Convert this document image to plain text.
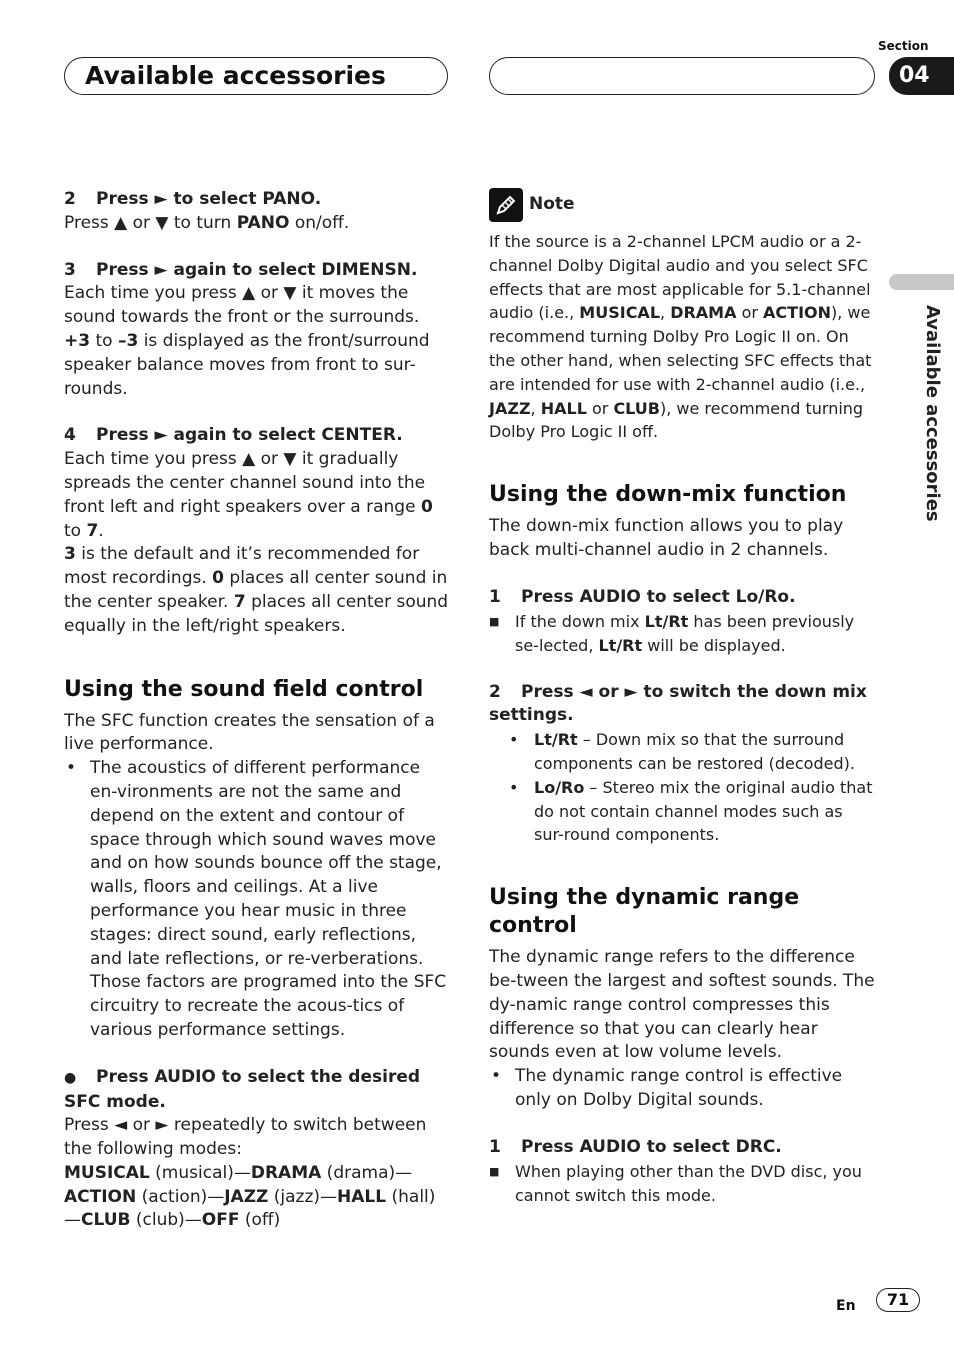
Available accessories
Section
04
Available accessories

2 Press ► to select PANO.

Press ▲ or ▼ to turn PANO on/off.

3 Press ► again to select DIMENSN.

Each time you press ▲ or ▼ it moves the sound towards the front or the surrounds.

+3 to –3 is displayed as the front/surround speaker balance moves from front to sur-rounds.

4 Press ► again to select CENTER.

Each time you press ▲ or ▼ it gradually spreads the center channel sound into the front left and right speakers over a range 0 to 7.

3 is the default and it’s recommended for most recordings. 0 places all center sound in the center speaker. 7 places all center sound equally in the left/right speakers.

Using the sound field control

The SFC function creates the sensation of a live performance.

• The acoustics of different performance en-vironments are not the same and depend on the extent and contour of space through which sound waves move and on how sounds bounce off the stage, walls, floors and ceilings. At a live performance you hear music in three stages: direct sound, early reflections, and late reflections, or re-verberations. Those factors are programed into the SFC circuitry to recreate the acous-tics of various performance settings.

● Press AUDIO to select the desired SFC mode.

Press ◄ or ► repeatedly to switch between the following modes:

MUSICAL (musical)—DRAMA (drama)—ACTION (action)—JAZZ (jazz)—HALL (hall)—CLUB (club)—OFF (off)

Note

If the source is a 2-channel LPCM audio or a 2-channel Dolby Digital audio and you select SFC effects that are most applicable for 5.1-channel audio (i.e., MUSICAL, DRAMA or ACTION), we recommend turning Dolby Pro Logic II on. On the other hand, when selecting SFC effects that are intended for use with 2-channel audio (i.e., JAZZ, HALL or CLUB), we recommend turning Dolby Pro Logic II off.

Using the down-mix function

The down-mix function allows you to play back multi-channel audio in 2 channels.

1 Press AUDIO to select Lo/Ro.

■ If the down mix Lt/Rt has been previously se-lected, Lt/Rt will be displayed.

2 Press ◄ or ► to switch the down mix settings.

• Lt/Rt – Down mix so that the surround components can be restored (decoded).
• Lo/Ro – Stereo mix the original audio that do not contain channel modes such as sur-round components.
Using the dynamic range control

The dynamic range refers to the difference be-tween the largest and softest sounds. The dy-namic range control compresses this difference so that you can clearly hear sounds even at low volume levels.

• The dynamic range control is effective only on Dolby Digital sounds.

1 Press AUDIO to select DRC.

■ When playing other than the DVD disc, you cannot switch this mode.
En	71
